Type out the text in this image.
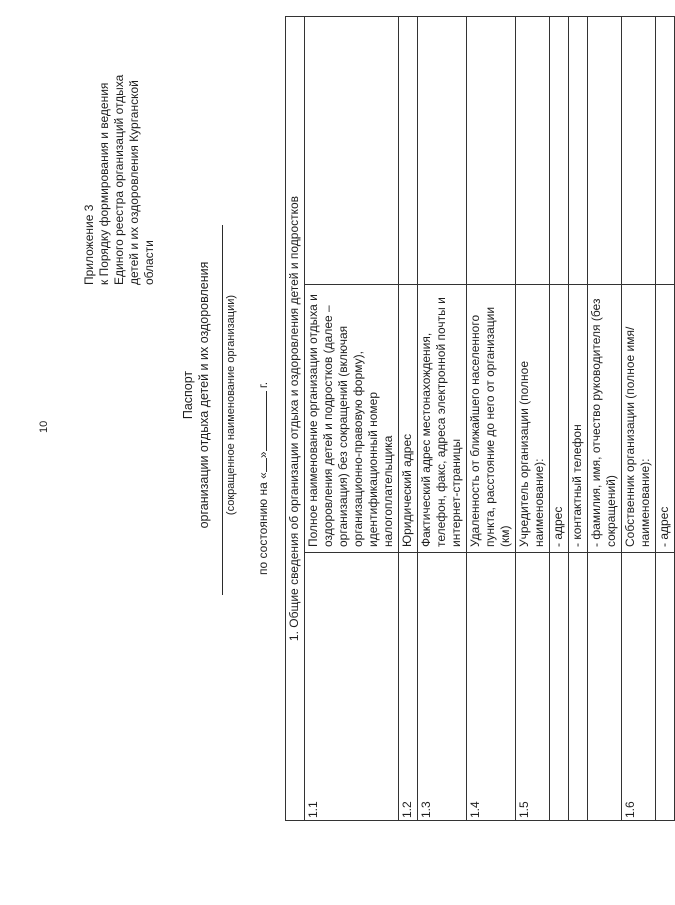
10
Приложение 3 к Порядку формирования и ведения Единого реестра организаций отдыха детей и их оздоровления Курганской области
Паспорт организации отдыха детей и их оздоровления (сокращенное наименование организации)
по состоянию на «» г. 1. Общие сведения об организации отдыха и оздоровления детей и подростков		
1.1	Полное наименование организации отдыха и оздоровления детей и подростков (далее – организация) без сокращений (включая организационно-правовую форму), идентификационный номер налогоплательщика	
1.2	Юридический адрес	
1.3	Фактический адрес местонахождения, телефон, факс, адреса электронной почты и интернет-страницы	
1.4	Удаленность от ближайшего населенного пункта, расстояние до него от организации (км)	
1.5	Учредитель организации (полное наименование):	
	- адрес	
	- контактный телефон	
	- фамилия, имя, отчество руководителя (без сокращений)	
1.6	Собственник организации (полное имя/наименование):	
	- адрес	
